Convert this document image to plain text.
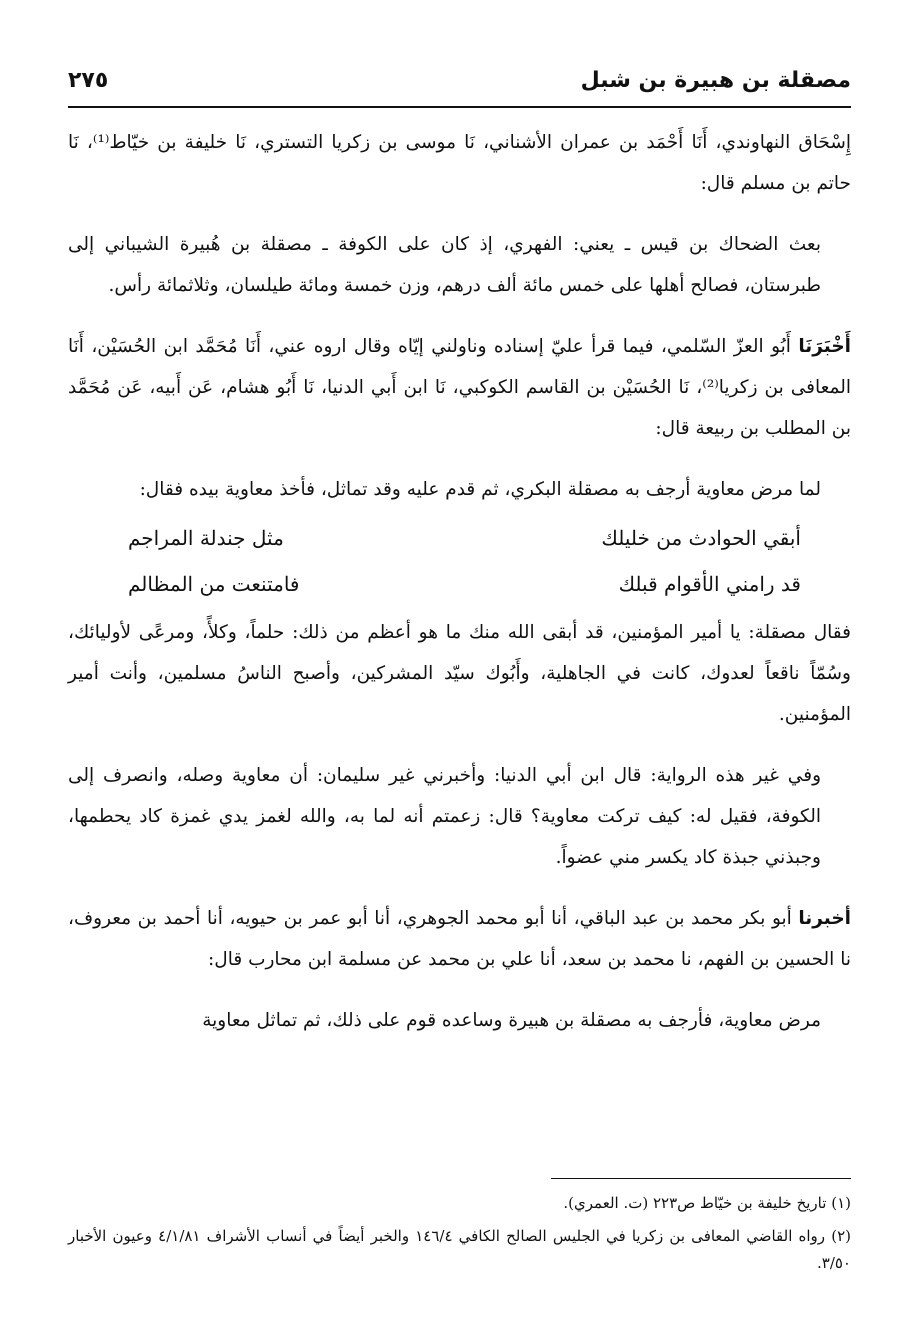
مصقلة بن هبيرة بن شبل
٢٧٥

إِسْحَاق النهاوندي، أَنَا أَحْمَد بن عمران الأشناني، نَا موسى بن زكريا التستري، نَا خليفة بن خيّاط⁽¹⁾، نَا حاتم بن مسلم قال:

بعث الضحاك بن قيس ـ يعني: الفهري، إذ كان على الكوفة ـ مصقلة بن هُبيرة الشيباني إلى طبرستان، فصالح أهلها على خمس مائة ألف درهم، وزن خمسة ومائة طيلسان، وثلاثمائة رأس.

أَخْبَرَنَا أَبُو العزّ السّلمي، فيما قرأ عليّ إسناده وناولني إيّاه وقال اروه عني، أَنَا مُحَمَّد ابن الحُسَيْن، أَنَا المعافى بن زكريا⁽²⁾، نَا الحُسَيْن بن القاسم الكوكبي، نَا ابن أَبي الدنيا، نَا أَبُو هشام، عَن أَبيه، عَن مُحَمَّد بن المطلب بن ربيعة قال:

لما مرض معاوية أرجف به مصقلة البكري، ثم قدم عليه وقد تماثل، فأخذ معاوية بيده فقال:

أبقي الحوادث من خليلك
مثل جندلة المراجم
قد رامني الأقوام قبلك
فامتنعت من المظالم

فقال مصقلة: يا أمير المؤمنين، قد أبقى الله منك ما هو أعظم من ذلك: حلماً، وكلأً، ومرعًى لأوليائك، وسُمّاً ناقعاً لعدوك، كانت في الجاهلية، وأَبُوك سيّد المشركين، وأصبح الناسُ مسلمين، وأنت أمير المؤمنين.

وفي غير هذه الرواية: قال ابن أبي الدنيا: وأخبرني غير سليمان: أن معاوية وصله، وانصرف إلى الكوفة، فقيل له: كيف تركت معاوية؟ قال: زعمتم أنه لما به، والله لغمز يدي غمزة كاد يحطمها، وجبذني جبذة كاد يكسر مني عضواً.

أخبرنا أبو بكر محمد بن عبد الباقي، أنا أبو محمد الجوهري، أنا أبو عمر بن حيويه، أنا أحمد بن معروف، نا الحسين بن الفهم، نا محمد بن سعد، أنا علي بن محمد عن مسلمة ابن محارب قال:

مرض معاوية، فأرجف به مصقلة بن هبيرة وساعده قوم على ذلك، ثم تماثل معاوية

(١) تاريخ خليفة بن خيّاط ص٢٢٣ (ت. العمري).

(٢) رواه القاضي المعافى بن زكريا في الجليس الصالح الكافي ١٤٦/٤ والخبر أيضاً في أنساب الأشراف ٤/١/٨١ وعيون الأخبار ٣/٥٠.
